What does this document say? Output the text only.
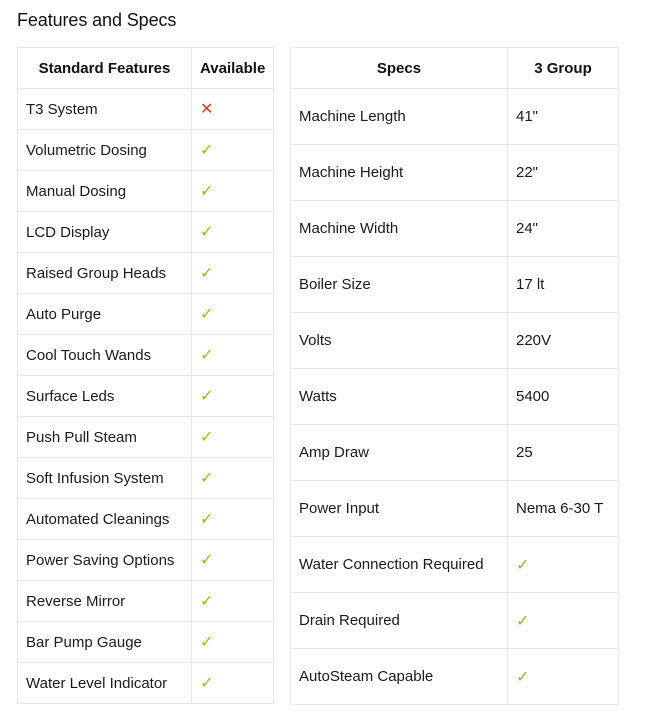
Features and Specs
Standard Features	Available
T3 System	✕
Volumetric Dosing	✓
Manual Dosing	✓
LCD Display	✓
Raised Group Heads	✓
Auto Purge	✓
Cool Touch Wands	✓
Surface Leds	✓
Push Pull Steam	✓
Soft Infusion System	✓
Automated Cleanings	✓
Power Saving Options	✓
Reverse Mirror	✓
Bar Pump Gauge	✓
Water Level Indicator	✓
Specs	3 Group
Machine Length	41"
Machine Height	22"
Machine Width	24"
Boiler Size	17 lt
Volts	220V
Watts	5400
Amp Draw	25
Power Input	Nema 6-30 T
Water Connection Required	✓
Drain Required	✓
AutoSteam Capable	✓
